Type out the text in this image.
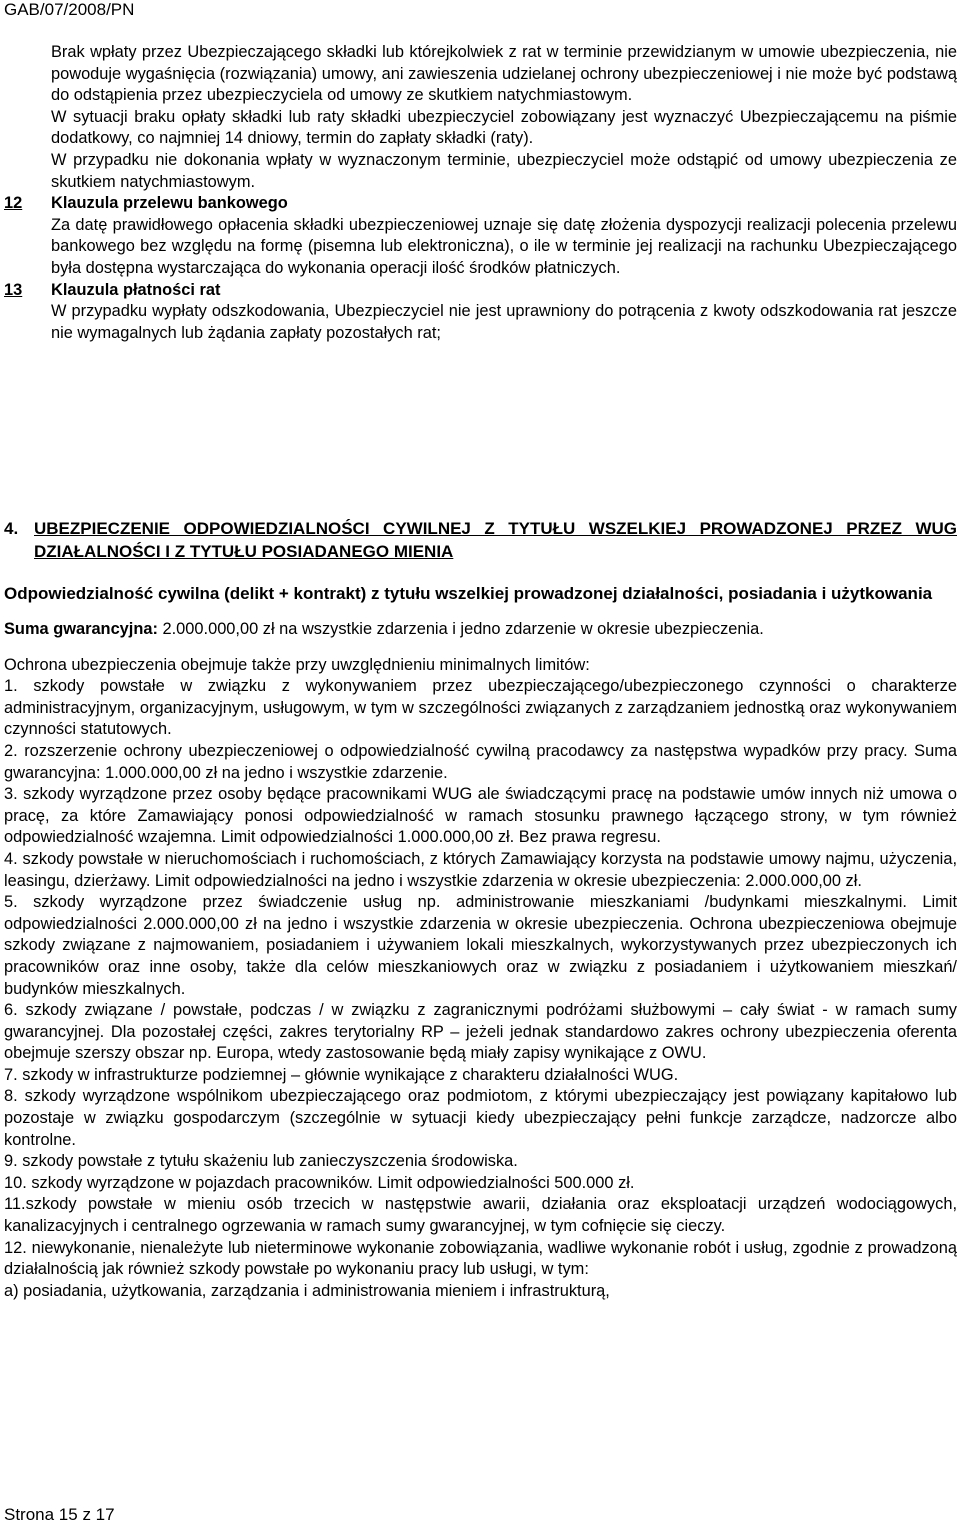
GAB/07/2008/PN

Brak wpłaty przez Ubezpieczającego składki lub którejkolwiek z rat w terminie przewidzianym w umowie ubezpieczenia, nie powoduje wygaśnięcia (rozwiązania) umowy, ani zawieszenia udzielanej ochrony ubezpieczeniowej i nie może być podstawą do odstąpienia przez ubezpieczyciela od umowy ze skutkiem natychmiastowym.

W sytuacji braku opłaty składki lub raty składki ubezpieczyciel zobowiązany jest wyznaczyć Ubezpieczającemu na piśmie dodatkowy, co najmniej 14 dniowy, termin do zapłaty składki (raty).

W przypadku nie dokonania wpłaty w wyznaczonym terminie, ubezpieczyciel może odstąpić od umowy ubezpieczenia ze skutkiem natychmiastowym.

12	Klauzula przelewu bankowego

Za datę prawidłowego opłacenia składki ubezpieczeniowej uznaje się datę złożenia dyspozycji realizacji polecenia przelewu bankowego bez względu na formę (pisemna lub elektroniczna), o ile w terminie jej realizacji na rachunku Ubezpieczającego była dostępna wystarczająca do wykonania operacji ilość środków płatniczych.

13	Klauzula płatności rat

W przypadku wypłaty odszkodowania, Ubezpieczyciel nie jest uprawniony do potrącenia z kwoty odszkodowania rat jeszcze nie wymagalnych lub żądania zapłaty pozostałych rat;

4. UBEZPIECZENIE ODPOWIEDZIALNOŚCI CYWILNEJ Z TYTUŁU WSZELKIEJ PROWADZONEJ PRZEZ WUG DZIAŁALNOŚCI I Z TYTUŁU POSIADANEGO MIENIA

Odpowiedzialność cywilna (delikt + kontrakt) z tytułu wszelkiej prowadzonej działalności, posiadania i użytkowania

Suma gwarancyjna: 2.000.000,00 zł na wszystkie zdarzenia i jedno zdarzenie w okresie ubezpieczenia.

Ochrona ubezpieczenia obejmuje także przy uwzględnieniu minimalnych limitów:

1. szkody powstałe w związku z wykonywaniem przez ubezpieczającego/ubezpieczonego czynności o charakterze administracyjnym, organizacyjnym, usługowym, w tym w szczególności związanych z zarządzaniem jednostką oraz wykonywaniem czynności statutowych.

2. rozszerzenie ochrony ubezpieczeniowej o odpowiedzialność cywilną pracodawcy za następstwa wypadków przy pracy. Suma gwarancyjna: 1.000.000,00 zł na jedno i wszystkie zdarzenie.

3. szkody wyrządzone przez osoby będące pracownikami WUG ale świadczącymi pracę na podstawie umów innych niż umowa o pracę, za które Zamawiający ponosi odpowiedzialność w ramach stosunku prawnego łączącego strony, w tym również odpowiedzialność wzajemna. Limit odpowiedzialności 1.000.000,00 zł. Bez prawa regresu.

4. szkody powstałe w nieruchomościach i ruchomościach, z których Zamawiający korzysta na podstawie umowy najmu, użyczenia, leasingu, dzierżawy. Limit odpowiedzialności na jedno i wszystkie zdarzenia w okresie ubezpieczenia: 2.000.000,00 zł.

5. szkody wyrządzone przez świadczenie usług np. administrowanie mieszkaniami /budynkami mieszkalnymi. Limit odpowiedzialności 2.000.000,00 zł na jedno i wszystkie zdarzenia w okresie ubezpieczenia. Ochrona ubezpieczeniowa obejmuje szkody związane z najmowaniem, posiadaniem i używaniem lokali mieszkalnych, wykorzystywanych przez ubezpieczonych ich pracowników oraz inne osoby, także dla celów mieszkaniowych oraz w związku z posiadaniem i użytkowaniem mieszkań/ budynków mieszkalnych.

6. szkody związane / powstałe, podczas / w związku z zagranicznymi podróżami służbowymi – cały świat - w ramach sumy gwarancyjnej. Dla pozostałej części, zakres terytorialny RP – jeżeli jednak standardowo zakres ochrony ubezpieczenia oferenta obejmuje szerszy obszar np. Europa, wtedy zastosowanie będą miały zapisy wynikające z OWU.

7. szkody w infrastrukturze podziemnej – głównie wynikające z charakteru działalności WUG.

8. szkody wyrządzone wspólnikom ubezpieczającego oraz podmiotom, z którymi ubezpieczający jest powiązany kapitałowo lub pozostaje w związku gospodarczym (szczególnie w sytuacji kiedy ubezpieczający pełni funkcje zarządcze, nadzorcze albo kontrolne.

9. szkody powstałe z tytułu skażeniu lub zanieczyszczenia środowiska.

10. szkody wyrządzone w pojazdach pracowników. Limit odpowiedzialności 500.000 zł.

11.szkody powstałe w mieniu osób trzecich w następstwie awarii, działania oraz eksploatacji urządzeń wodociągowych, kanalizacyjnych i centralnego ogrzewania w ramach sumy gwarancyjnej, w tym cofnięcie się cieczy.

12. niewykonanie, nienależyte lub nieterminowe wykonanie zobowiązania, wadliwe wykonanie robót i usług, zgodnie z prowadzoną działalnością jak również szkody powstałe po wykonaniu pracy lub usługi, w tym:

a) posiadania, użytkowania, zarządzania i administrowania mieniem i infrastrukturą,

Strona 15 z 17
